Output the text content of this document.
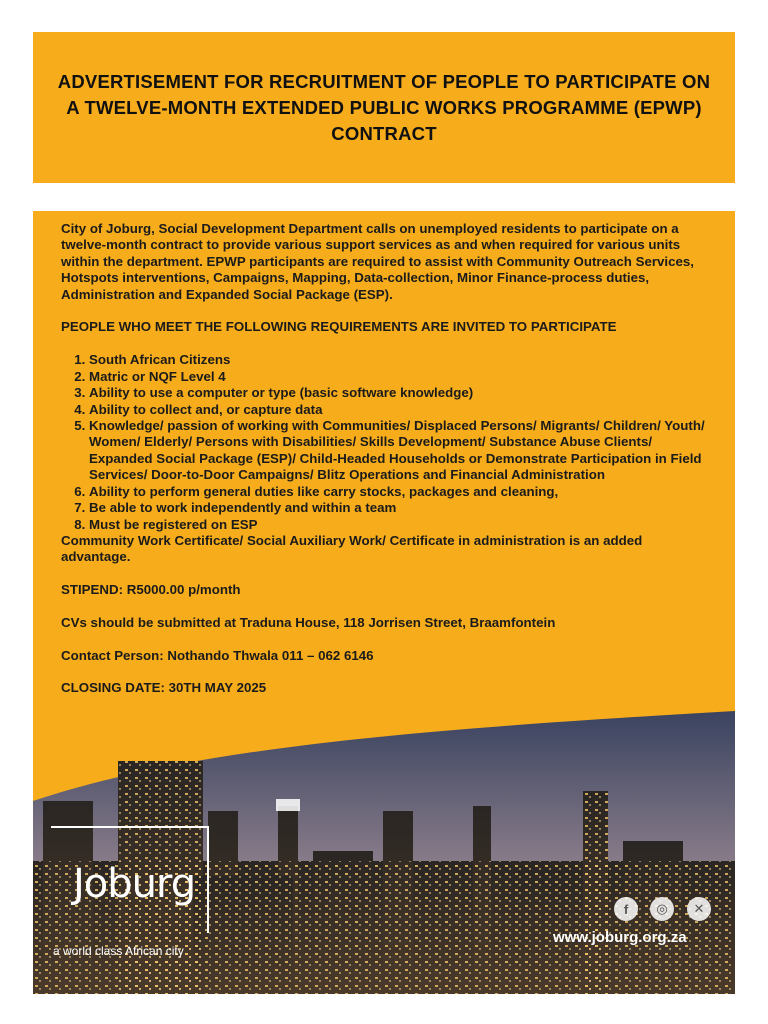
ADVERTISEMENT FOR RECRUITMENT OF PEOPLE TO PARTICIPATE ON A TWELVE-MONTH EXTENDED PUBLIC WORKS PROGRAMME (EPWP) CONTRACT

City of Joburg, Social Development Department calls on unemployed residents to participate on a twelve-month contract to provide various support services as and when required for various units within the department. EPWP participants are required to assist with Community Outreach Services, Hotspots interventions, Campaigns, Mapping, Data-collection, Minor Finance-process duties, Administration and Expanded Social Package (ESP).

PEOPLE WHO MEET THE FOLLOWING REQUIREMENTS ARE INVITED TO PARTICIPATE

1. South African Citizens
2. Matric or NQF Level 4
3. Ability to use a computer or type (basic software knowledge)
4. Ability to collect and, or capture data
5. Knowledge/ passion of working with Communities/ Displaced Persons/ Migrants/ Children/ Youth/ Women/ Elderly/ Persons with Disabilities/ Skills Development/ Substance Abuse Clients/ Expanded Social Package (ESP)/ Child-Headed Households or Demonstrate Participation in Field Services/ Door-to-Door Campaigns/ Blitz Operations and Financial Administration
6. Ability to perform general duties like carry stocks, packages and cleaning,
7. Be able to work independently and within a team
8. Must be registered on ESP

Community Work Certificate/ Social Auxiliary Work/ Certificate in administration is an added advantage.

STIPEND: R5000.00 p/month

CVs should be submitted at Traduna House, 118 Jorrisen Street, Braamfontein

Contact Person: Nothando Thwala 011 – 062 6146

CLOSING DATE: 30TH MAY 2025

Joburg
a world class African city
f	◎	✕
www.joburg.org.za
